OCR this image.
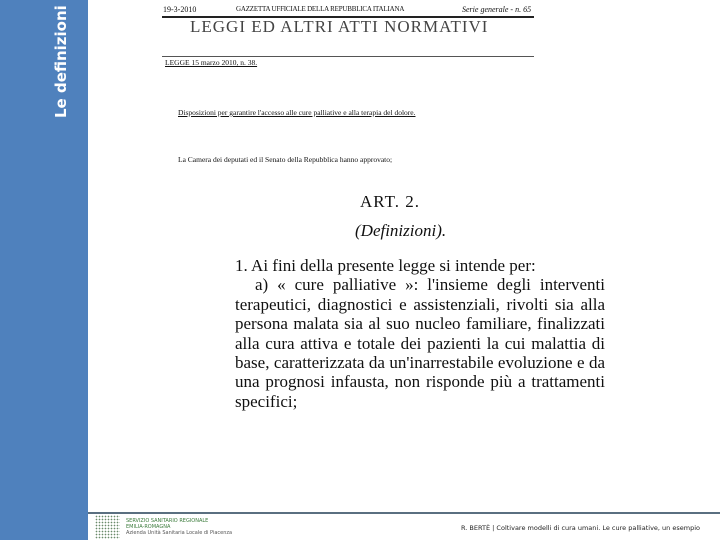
Le definizioni	19-3-2010	GAZZETTA UFFICIALE DELLA REPUBBLICA ITALIANA	Serie generale - n. 65
LEGGI ED ALTRI ATTI NORMATIVI
LEGGE 15 marzo 2010, n. 38.
Disposizioni per garantire l'accesso alle cure palliative e alla terapia del dolore.
La Camera dei deputati ed il Senato della Repubblica hanno approvato;
ART. 2.
(Definizioni).
1. Ai fini della presente legge si intende per:

a) « cure palliative »: l'insieme degli interventi terapeutici, diagnostici e assistenziali, rivolti sia alla persona malata sia al suo nucleo familiare, finalizzati alla cura attiva e totale dei pazienti la cui malattia di base, caratterizzata da un'inarrestabile evoluzione e da una prognosi infausta, non risponde più a trattamenti specifici;

SERVIZIO SANITARIO REGIONALE
EMILIA-ROMAGNA
Azienda Unità Sanitaria Locale di Piacenza
R. BERTÈ | Coltivare modelli di cura umani. Le cure palliative, un esempio
